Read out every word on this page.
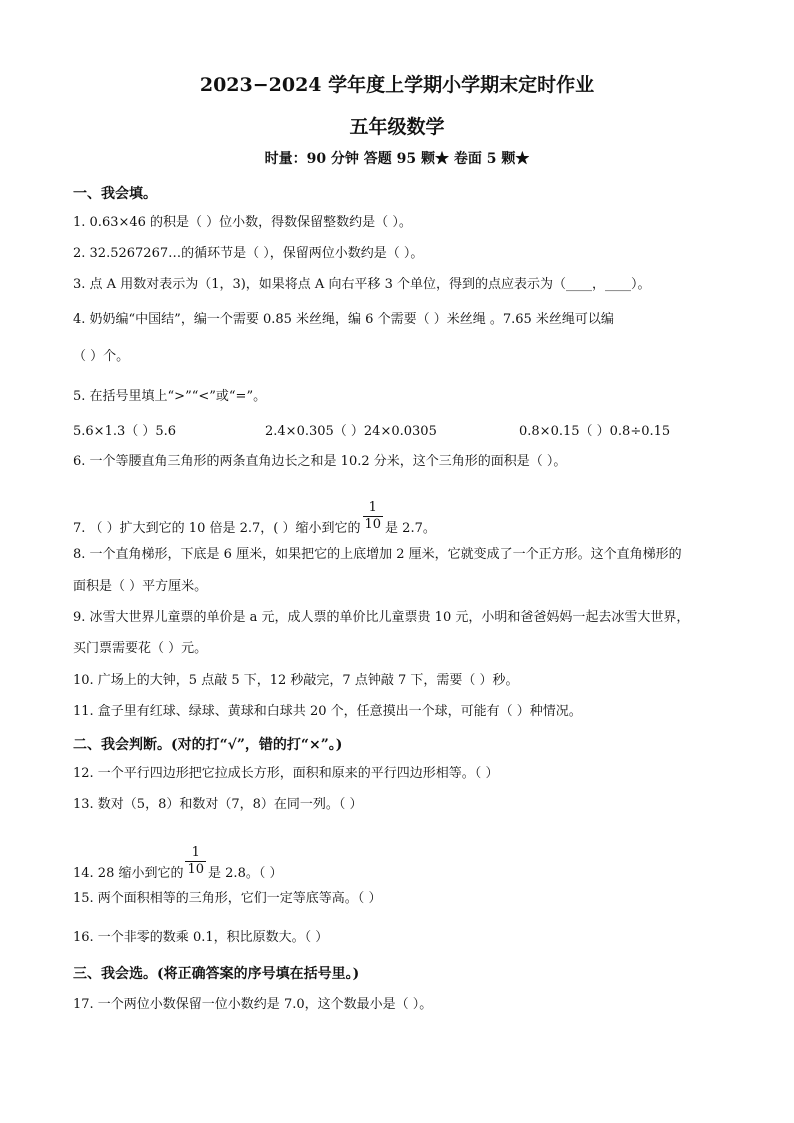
2023−2024 学年度上学期小学期末定时作业
五年级数学
时量：90 分钟 答题 95 颗★ 卷面 5 颗★
一、我会填。
1. 0.63×46 的积是（ ）位小数，得数保留整数约是（ ）。
2. 32.5267267…的循环节是（ ），保留两位小数约是（ ）。
3. 点 A 用数对表示为（1，3)，如果将点 A 向右平移 3 个单位，得到的点应表示为（____，____）。
4. 奶奶编“中国结”，编一个需要 0.85 米丝绳，编 6 个需要（ ）米丝绳 。7.65 米丝绳可以编
（ ）个。
5. 在括号里填上“>”“<”或“=”。
5.6×1.3（ ）5.6	2.4×0.305（ ）24×0.0305	0.8×0.15（ ）0.8÷0.15
6. 一个等腰直角三角形的两条直角边长之和是 10.2 分米，这个三角形的面积是（ ）。
7. （ ）扩大到它的 10 倍是 2.7，( ）缩小到它的 $\frac{1}{10}$ 是 2.7。
8. 一个直角梯形，下底是 6 厘米，如果把它的上底增加 2 厘米，它就变成了一个正方形。这个直角梯形的
面积是（ ）平方厘米。
9. 冰雪大世界儿童票的单价是 a 元，成人票的单价比儿童票贵 10 元，小明和爸爸妈妈一起去冰雪大世界，
买门票需要花（ ）元。
10. 广场上的大钟，5 点敲 5 下，12 秒敲完，7 点钟敲 7 下，需要（ ）秒。
11. 盒子里有红球、绿球、黄球和白球共 20 个，任意摸出一个球，可能有（ ）种情况。
二、我会判断。(对的打“√”，错的打“×”。)
12. 一个平行四边形把它拉成长方形，面积和原来的平行四边形相等。（ ）
13. 数对（5，8）和数对（7，8）在同一列。（ ）
14. 28 缩小到它的 $\frac{1}{10}$ 是 2.8。（ ）
15. 两个面积相等的三角形，它们一定等底等高。（ ）
16. 一个非零的数乘 0.1，积比原数大。（ ）
三、我会选。(将正确答案的序号填在括号里。)
17. 一个两位小数保留一位小数约是 7.0，这个数最小是（ ）。
